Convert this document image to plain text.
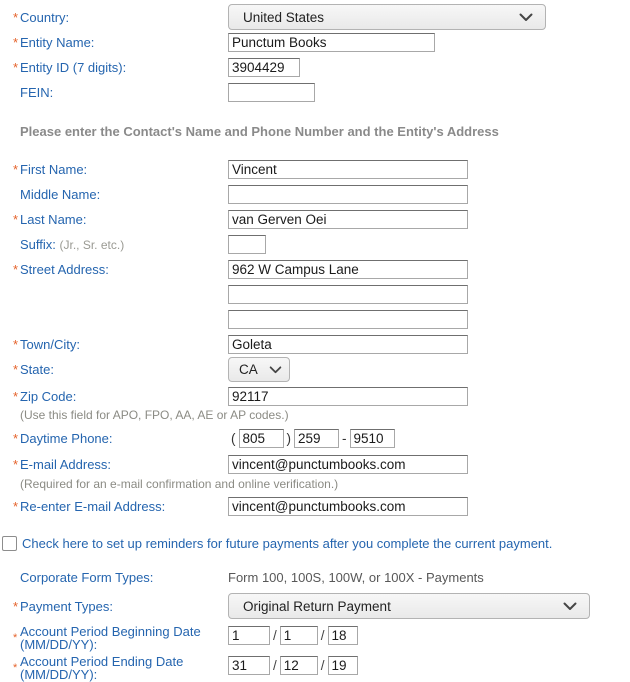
* Country:	United States
* Entity Name:
Punctum Books
* Entity ID (7 digits):
3904429
FEIN:
Please enter the Contact's Name and Phone Number and the Entity's Address
* First Name:
Vincent
Middle Name:
* Last Name:
van Gerven Oei
Suffix: (Jr., Sr. etc.)
* Street Address:
962 W Campus Lane
* Town/City:
Goleta
* State:	CA
* Zip Code:
92117
(Use this field for APO, FPO, AA, AE or AP codes.)
* Daytime Phone:	(
805	)
259	-
9510
* E-mail Address:
vincent@punctumbooks.com
(Required for an e-mail confirmation and online verification.)
* Re-enter E-mail Address:
vincent@punctumbooks.com
Check here to set up reminders for future payments after you complete the current payment.
Corporate Form Types:	Form 100, 100S, 100W, or 100X - Payments
* Payment Types:	Original Return Payment
* Account Period Beginning Date
(MM/DD/YY):
1
/
1	/
18
* Account Period Ending Date
(MM/DD/YY):
31
/
12	/
19
